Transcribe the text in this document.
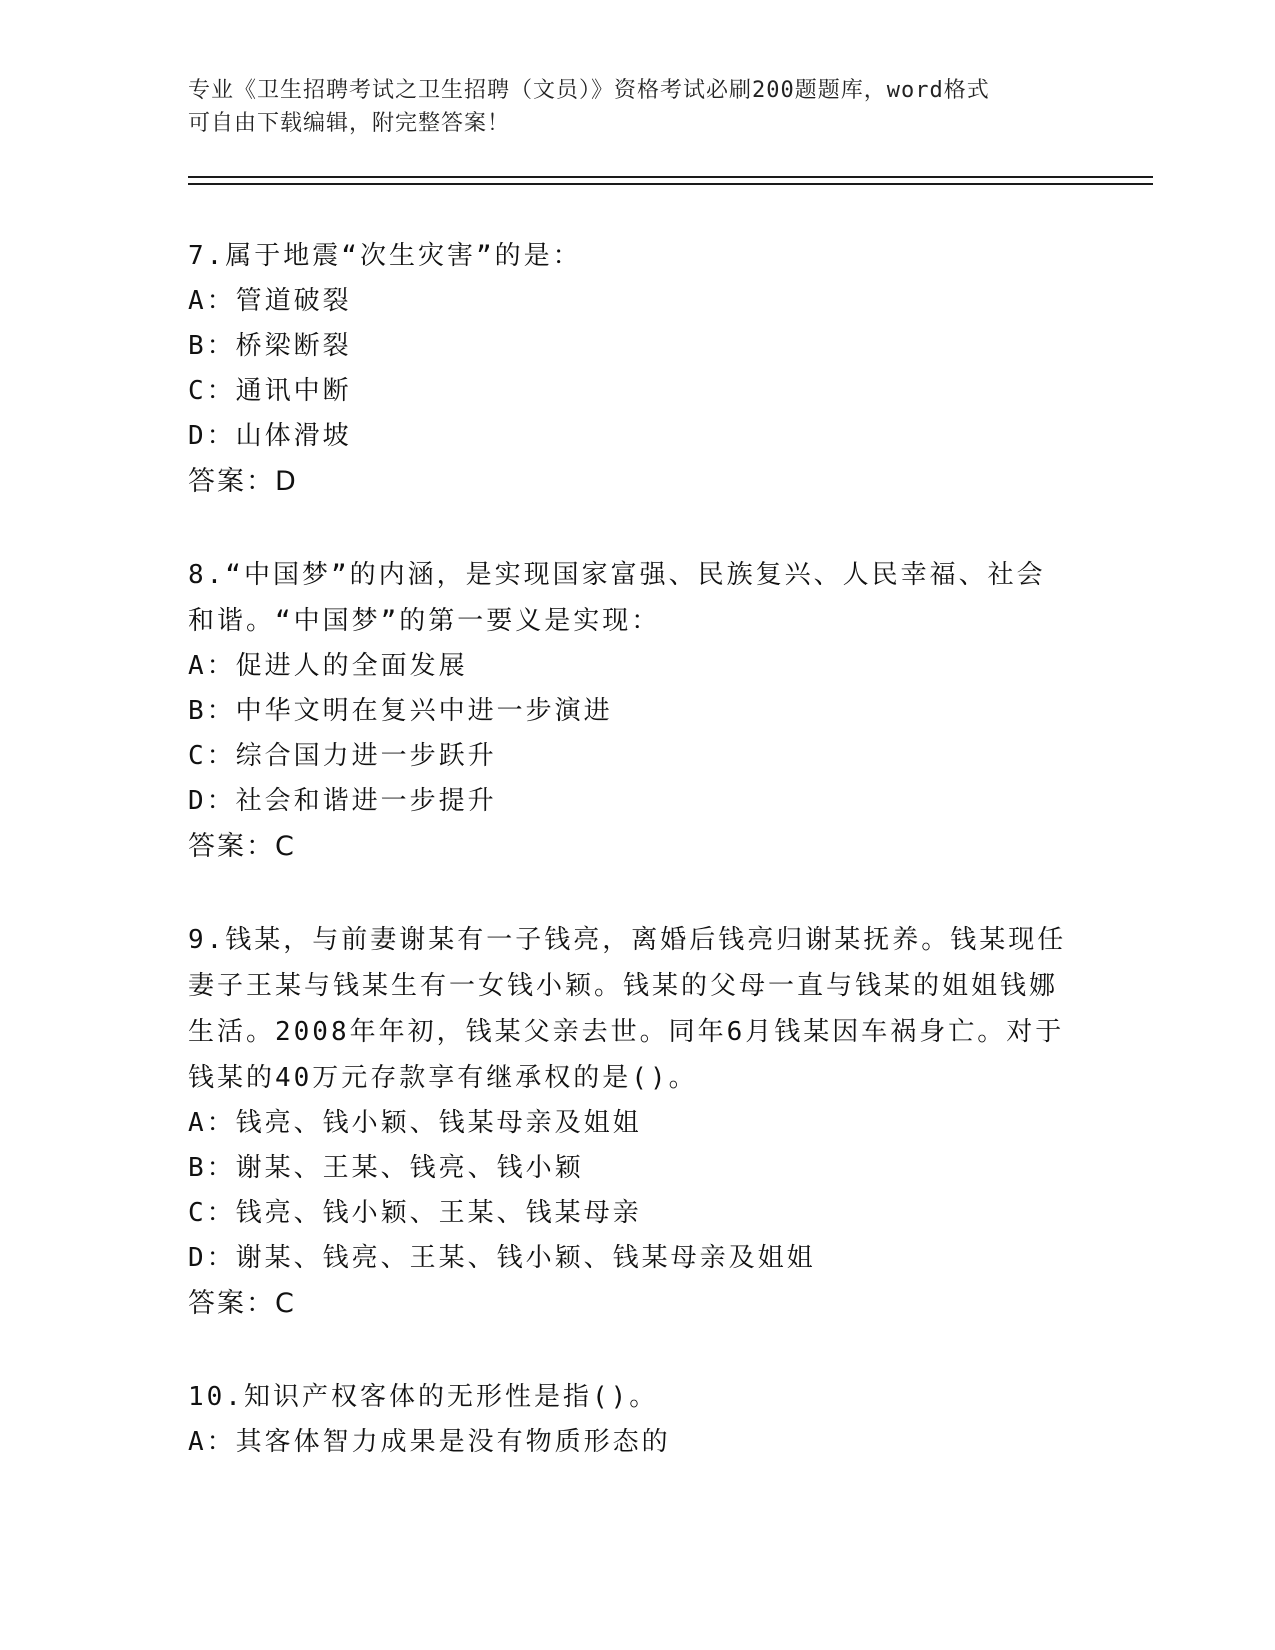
专业《卫生招聘考试之卫生招聘（文员）》资格考试必刷200题题库，word格式
可自由下载编辑，附完整答案！
7.属于地震“次生灾害”的是：
A：管道破裂
B：桥梁断裂
C：通讯中断
D：山体滑坡
答案：D
8.“中国梦”的内涵，是实现国家富强、民族复兴、人民幸福、社会
和谐。“中国梦”的第一要义是实现：
A：促进人的全面发展
B：中华文明在复兴中进一步演进
C：综合国力进一步跃升
D：社会和谐进一步提升
答案：C
9.钱某，与前妻谢某有一子钱亮，离婚后钱亮归谢某抚养。钱某现任
妻子王某与钱某生有一女钱小颖。钱某的父母一直与钱某的姐姐钱娜
生活。2008年年初，钱某父亲去世。同年6月钱某因车祸身亡。对于
钱某的40万元存款享有继承权的是()。
A：钱亮、钱小颖、钱某母亲及姐姐
B：谢某、王某、钱亮、钱小颖
C：钱亮、钱小颖、王某、钱某母亲
D：谢某、钱亮、王某、钱小颖、钱某母亲及姐姐
答案：C
10.知识产权客体的无形性是指()。
A：其客体智力成果是没有物质形态的
